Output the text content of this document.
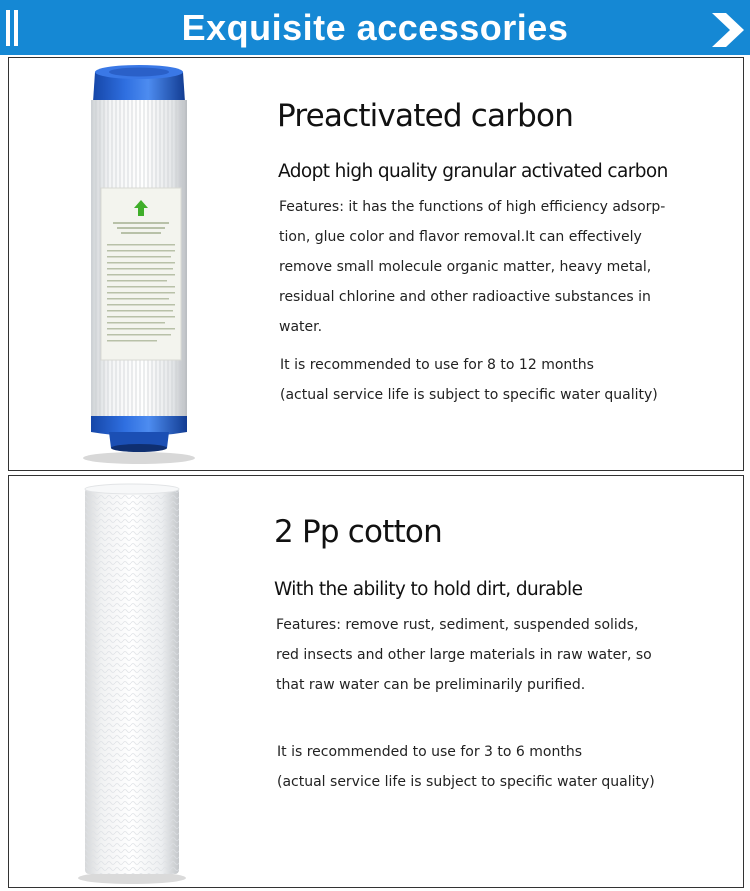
Exquisite accessories
Preactivated carbon
Adopt high quality granular activated carbon
Features: it has the functions of high efficiency adsorp-
tion, glue color and flavor removal.It can effectively
remove small molecule organic matter, heavy metal,
residual chlorine and other radioactive substances in
water.
It is recommended to use for 8 to 12 months
(actual service life is subject to specific water quality)
2 Pp cotton
With the ability to hold dirt, durable
Features: remove rust, sediment, suspended solids,
red insects and other large materials in raw water, so
that raw water can be preliminarily purified.
It is recommended to use for 3 to 6 months
(actual service life is subject to specific water quality)
